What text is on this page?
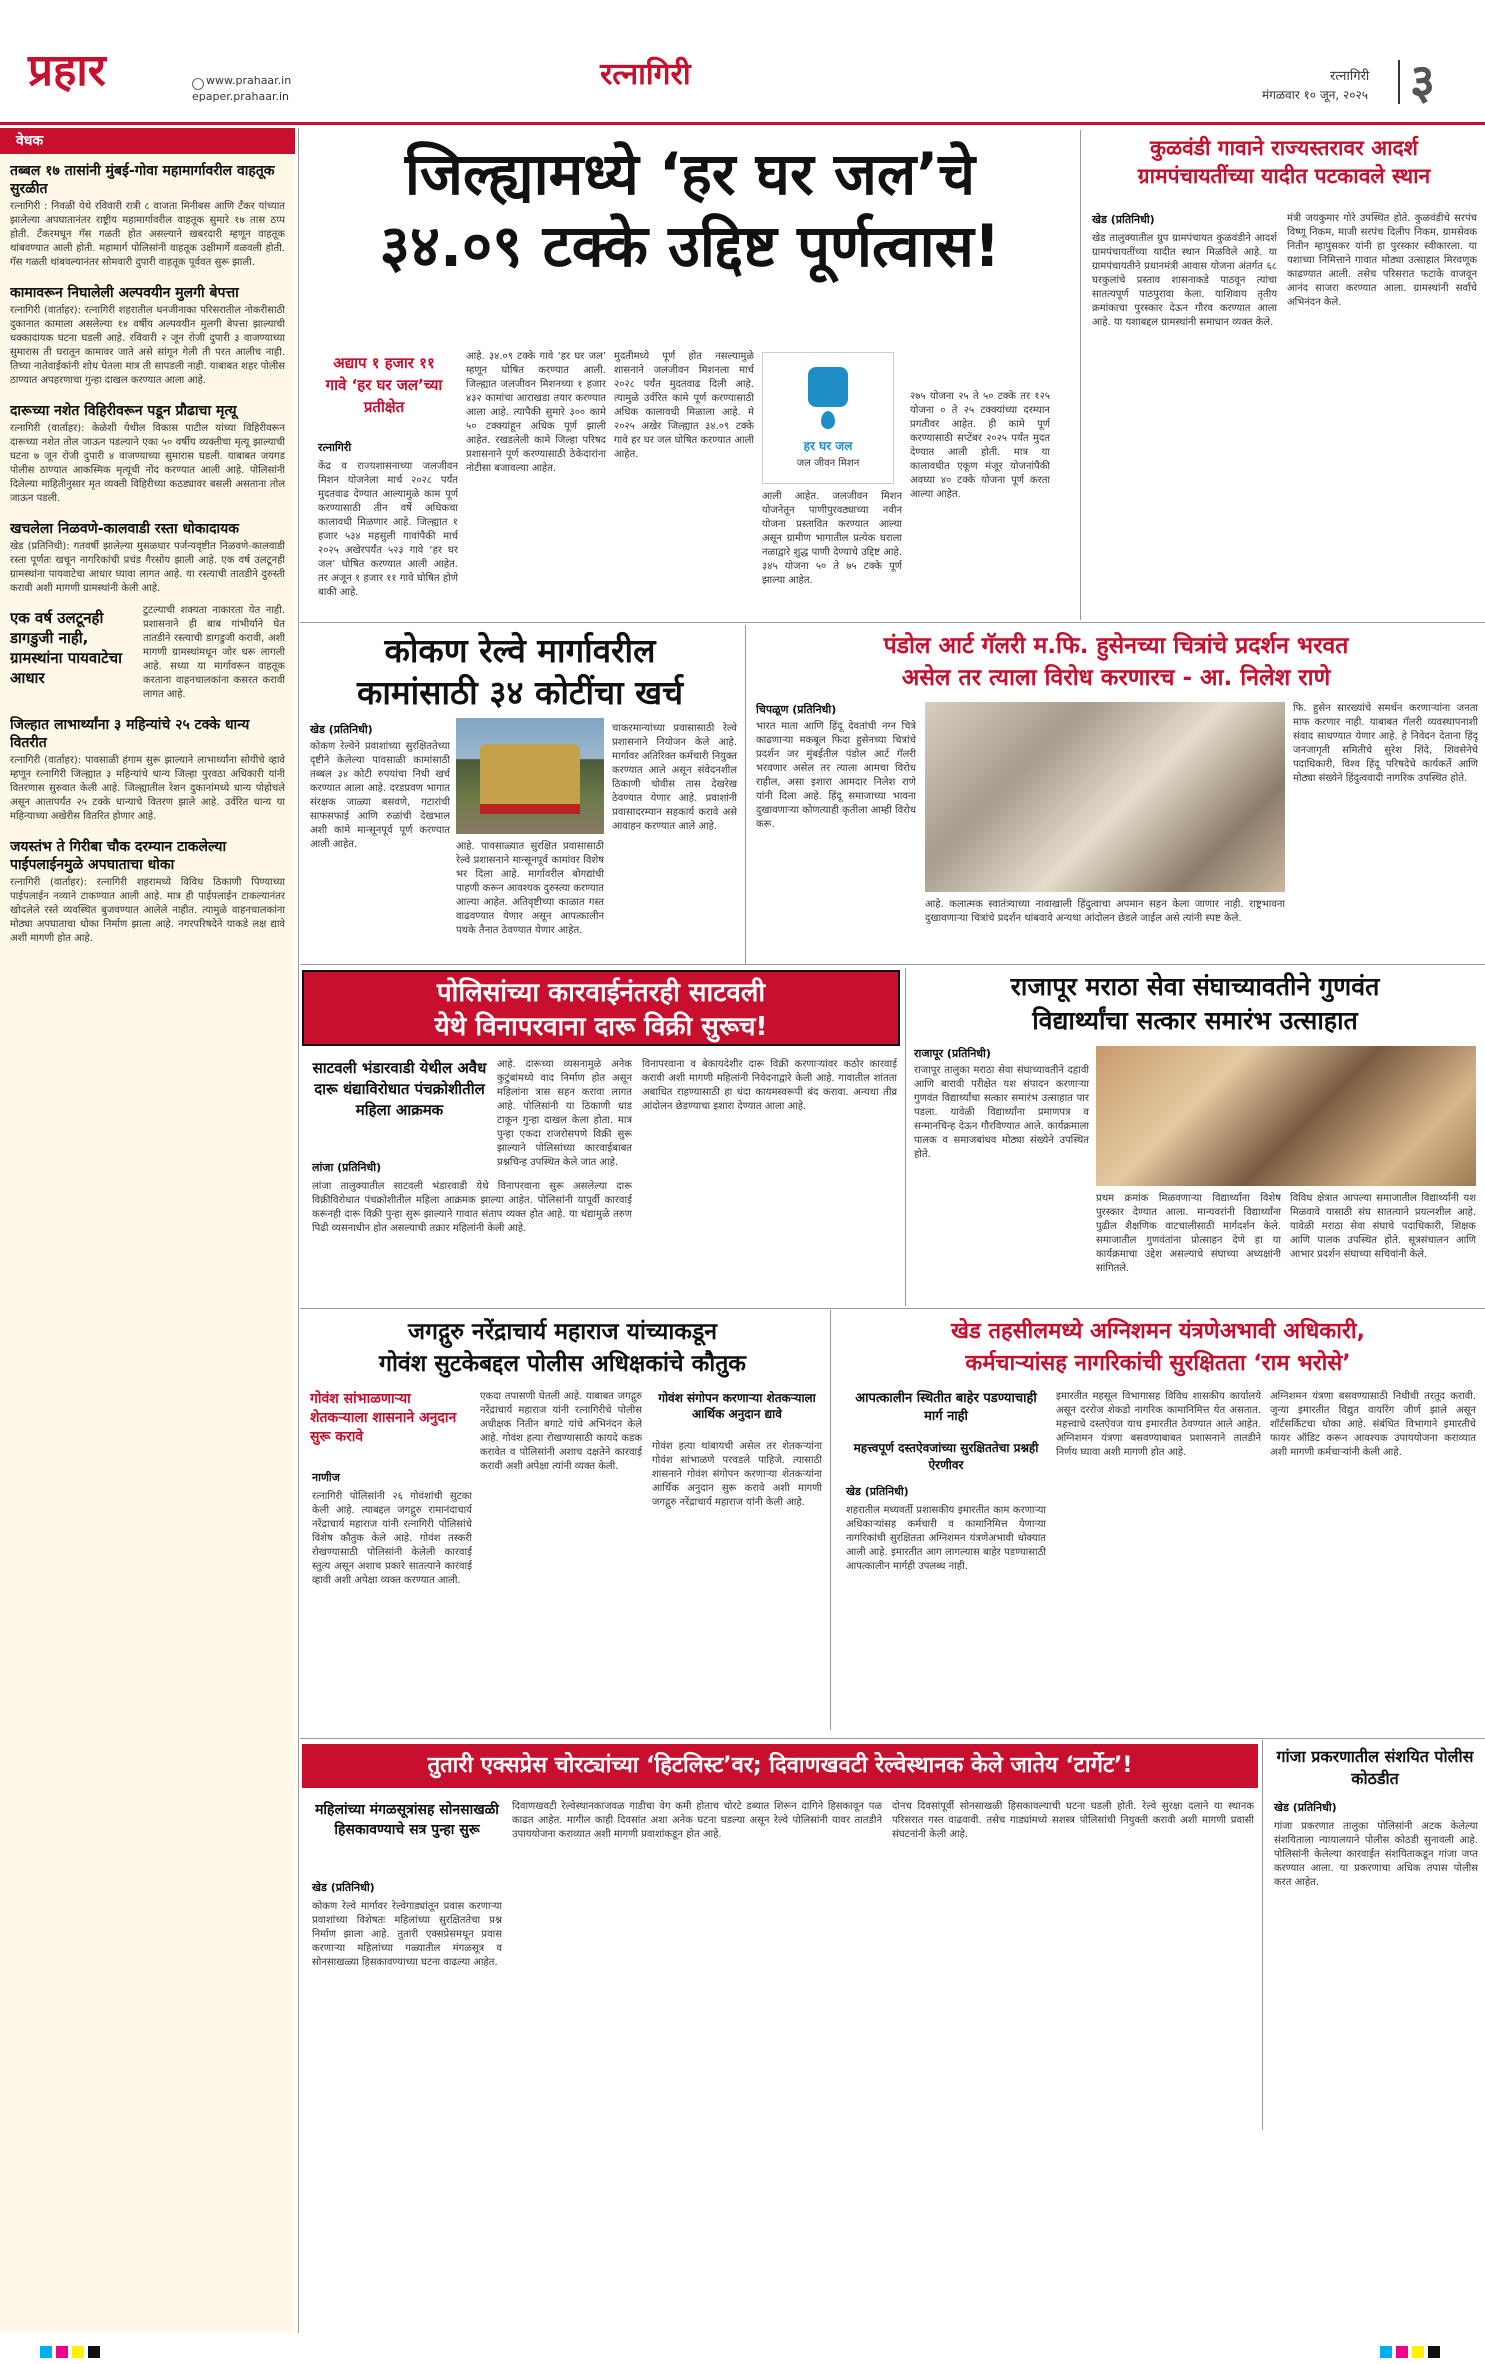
प्रहार	www.prahaar.in
epaper.prahaar.in
रत्नागिरी	रत्नागिरी
मंगळवार १० जून, २०२५ ३
वेधक
तब्बल १७ तासांनी मुंबई-गोवा महामार्गावरील वाहतूक सुरळीत
रत्नागिरी : निवळी येथे रविवारी रात्री ८ वाजता मिनीबस आणि टँकर यांच्यात झालेल्या अपघातानंतर राष्ट्रीय महामार्गावरील वाहतूक सुमारे १७ तास ठप्प होती. टँकरमधून गॅस गळती होत असल्याने खबरदारी म्हणून वाहतूक थांबवण्यात आली होती. महामार्ग पोलिसांनी वाहतूक उक्षीमार्गे वळवली होती. गॅस गळती थांबवल्यानंतर सोमवारी दुपारी वाहतूक पूर्ववत सुरू झाली.
कामावरून निघालेली अल्पवयीन मुलगी बेपत्ता
रत्नागिरी (वार्ताहर): रत्नागिरी शहरातील धनजीनाका परिसरातील नोकरीसाठी दुकानात कामाला असलेल्या १४ वर्षीय अल्पवयीन मुलगी बेपत्ता झाल्याची धक्कादायक घटना घडली आहे. रविवारी २ जून रोजी दुपारी ३ वाजण्याच्या सुमारास ती घरातून कामावर जाते असे सांगून गेली ती परत आलीच नाही. तिच्या नातेवाईकांनी शोध घेतला मात्र ती सापडली नाही. याबाबत शहर पोलीस ठाण्यात अपहरणाचा गुन्हा दाखल करण्यात आला आहे.
दारूच्या नशेत विहिरीवरून पडून प्रौढाचा मृत्यू
रत्नागिरी (वार्ताहर): केळेशी येथील विकास पाटील यांच्या विहिरीवरून दारूच्या नशेत तोल जाऊन पडल्याने एका ५० वर्षीय व्यक्तीचा मृत्यू झाल्याची घटना ७ जून रोजी दुपारी ४ वाजण्याच्या सुमारास घडली. याबाबत जयगड पोलीस ठाण्यात आकस्मिक मृत्यूची नोंद करण्यात आली आहे. पोलिसांनी दिलेल्या माहितीनुसार मृत व्यक्ती विहिरीच्या कठड्यावर बसली असताना तोल जाऊन पडली.
खचलेला निळवणे-कालवाडी रस्ता धोकादायक
खेड (प्रतिनिधी): गतवर्षी झालेल्या मुसळधार पर्जन्यवृष्टीत निळवणे-कालवाडी रस्ता पूर्णतः खचून नागरिकांची प्रचंड गैरसोय झाली आहे. एक वर्ष उलटूनही ग्रामस्थांना पायवाटेचा आधार घ्यावा लागत आहे. या रस्त्याची तातडीने दुरुस्ती करावी अशी मागणी ग्रामस्थांनी केली आहे.
एक वर्ष उलटूनही डागडुजी नाही, ग्रामस्थांना पायवाटेचा आधार
टुटल्याची शक्यता नाकारता येत नाही. प्रशासनाने ही बाब गांभीर्याने घेत तातडीने रस्त्याची डागडुजी करावी, अशी मागणी ग्रामस्थांमधून जोर धरू लागली आहे. सध्या या मार्गावरून वाहतूक करताना वाहनचालकांना कसरत करावी लागत आहे.
जिल्हात लाभार्थ्यांना ३ महिन्यांचे २५ टक्के धान्य वितरीत
रत्नागिरी (वार्ताहर): पावसाळी हंगाम सुरू झाल्याने लाभार्थ्यांना सोयीचे व्हावे म्हणून रत्नागिरी जिल्ह्यात ३ महिन्यांचे धान्य जिल्हा पुरवठा अधिकारी यांनी वितरणास सुरुवात केली आहे. जिल्ह्यातील रेशन दुकानांमध्ये धान्य पोहोचले असून आतापर्यंत २५ टक्के धान्याचे वितरण झाले आहे. उर्वरित धान्य या महिन्याच्या अखेरीस वितरित होणार आहे.
जयस्तंभ ते गिरीबा चौक दरम्यान टाकलेल्या पाईपलाईनमुळे अपघाताचा धोका
रत्नागिरी (वार्ताहर): रत्नागिरी शहरामध्ये विविध ठिकाणी पिण्याच्या पाईपलाईन नव्याने टाकण्यात आली आहे. मात्र ही पाईपलाईन टाकल्यानंतर खोदलेले रस्ते व्यवस्थित बुजवण्यात आलेले नाहीत. त्यामुळे वाहनचालकांना मोठ्या अपघाताचा धोका निर्माण झाला आहे. नगरपरिषदेने याकडे लक्ष द्यावे अशी मागणी होत आहे.
जिल्ह्यामध्ये ‘हर घर जल’चे
३४.०९ टक्के उद्दिष्ट पूर्णत्वास!
अद्याप १ हजार ११ गावे ‘हर घर जल’च्या प्रतीक्षेत
रत्नागिरी
केंद्र व राज्यशासनाच्या जलजीवन मिशन योजनेला मार्च २०२८ पर्यंत मुदतवाढ देण्यात आल्यामुळे काम पूर्ण करण्यासाठी तीन वर्षे अधिकचा कालावधी मिळणार आहे. जिल्ह्यात १ हजार ५३४ महसुली गावांपैकी मार्च २०२५ अखेरपर्यंत ५२३ गावे ‘हर घर जल’ घोषित करण्यात आली आहेत. तर अजून १ हजार ११ गावे घोषित होणे बाकी आहे.
आहे. ३४.०९ टक्के गावे ‘हर घर जल’ म्हणून घोषित करण्यात आली. जिल्ह्यात जलजीवन मिशनच्या १ हजार ४३२ कामांचा आराखडा तयार करण्यात आला आहे. त्यापैकी सुमारे ३०० कामे ५० टक्क्यांहून अधिक पूर्ण झाली आहेत. रखडलेली कामे जिल्हा परिषद प्रशासनाने पूर्ण करण्यासाठी ठेकेदारांना नोटीसा बजावल्या आहेत.
मुदतीमध्ये पूर्ण होत नसल्यामुळे शासनाने जलजीवन मिशनला मार्च २०२८ पर्यंत मुदतवाढ दिली आहे. त्यामुळे उर्वरित कामे पूर्ण करण्यासाठी अधिक कालावधी मिळाला आहे. मे २०२५ अखेर जिल्ह्यात ३४.०९ टक्के गावे हर घर जल घोषित करण्यात आली आहेत.
हर घर जल
जल जीवन मिशन
आली आहेत. जलजीवन मिशन योजनेतून पाणीपुरवठ्याच्या नवीन योजना प्रस्तावित करण्यात आल्या असून ग्रामीण भागातील प्रत्येक घराला नळाद्वारे शुद्ध पाणी देण्याचे उद्दिष्ट आहे. ३४५ योजना ५० ते ७५ टक्के पूर्ण झाल्या आहेत.
२७५ योजना २५ ते ५० टक्के तर १२५ योजना ० ते २५ टक्क्यांच्या दरम्यान प्रगतीवर आहेत. ही कामे पूर्ण करण्यासाठी सप्टेंबर २०२५ पर्यंत मुदत देण्यात आली होती. मात्र या कालावधीत एकूण मंजूर योजनांपैकी अवघ्या ४० टक्के योजना पूर्ण करता आल्या आहेत.
कुळवंडी गावाने राज्यस्तरावर आदर्श
ग्रामपंचायतींच्या यादीत पटकावले स्थान
खेड (प्रतिनिधी)
खेड तालुक्यातील ग्रुप ग्रामपंचायत कुळवंडीने आदर्श ग्रामपंचायतींच्या यादीत स्थान मिळविले आहे. या ग्रामपंचायतीने प्रधानमंत्री आवास योजना अंतर्गत ६८ घरकुलांचे प्रस्ताव शासनाकडे पाठवून त्यांचा सातत्यपूर्ण पाठपुरावा केला. याशिवाय तृतीय क्रमांकाचा पुरस्कार देऊन गौरव करण्यात आला आहे. या यशाबद्दल ग्रामस्थांनी समाधान व्यक्त केले.
मंत्री जयकुमार गोरे उपस्थित होते. कुळवंडीचे सरपंच विष्णू निकम, माजी सरपंच दिलीप निकम, ग्रामसेवक नितीन म्हापुसकर यांनी हा पुरस्कार स्वीकारला. या यशाच्या निमित्ताने गावात मोठ्या उत्साहात मिरवणूक काढण्यात आली. तसेच परिसरात फटाके वाजवून आनंद साजरा करण्यात आला. ग्रामस्थांनी सर्वांचे अभिनंदन केले.
कोकण रेल्वे मार्गावरील
कामांसाठी ३४ कोटींचा खर्च
खेड (प्रतिनिधी)
कोकण रेल्वेने प्रवाशांच्या सुरक्षिततेच्या दृष्टीने केलेल्या पावसाळी कामांसाठी तब्बल ३४ कोटी रुपयांचा निधी खर्च करण्यात आला आहे. दरडप्रवण भागात संरक्षक जाळ्या बसवणे, गटारांची साफसफाई आणि रुळांची देखभाल अशी कामे मान्सूनपूर्व पूर्ण करण्यात आली आहेत.	आहे. पावसाळ्यात सुरक्षित प्रवासासाठी रेल्वे प्रशासनाने मान्सूनपूर्व कामांवर विशेष भर दिला आहे. मार्गावरील बोगद्यांची पाहणी करून आवश्यक दुरुस्त्या करण्यात आल्या आहेत. अतिवृष्टीच्या काळात गस्त वाढवण्यात येणार असून आपत्कालीन पथके तैनात ठेवण्यात येणार आहेत.
चाकरमान्यांच्या प्रवासासाठी रेल्वे प्रशासनाने नियोजन केले आहे. मार्गावर अतिरिक्त कर्मचारी नियुक्त करण्यात आले असून संवेदनशील ठिकाणी चोवीस तास देखरेख ठेवण्यात येणार आहे. प्रवाशांनी प्रवासादरम्यान सहकार्य करावे असे आवाहन करण्यात आले आहे.
पंडोल आर्ट गॅलरी म.फि. हुसेनच्या चित्रांचे प्रदर्शन भरवत
असेल तर त्याला विरोध करणारच - आ. निलेश राणे
चिपळूण (प्रतिनिधी)
भारत माता आणि हिंदू देवतांची नग्न चित्रे काढणाऱ्या मकबूल फिदा हुसेनच्या चित्रांचे प्रदर्शन जर मुंबईतील पंडोल आर्ट गॅलरी भरवणार असेल तर त्याला आमचा विरोध राहील, असा इशारा आमदार निलेश राणे यांनी दिला आहे. हिंदू समाजाच्या भावना दुखावणाऱ्या कोणत्याही कृतीला आम्ही विरोध करू.
आहे. कलात्मक स्वातंत्र्याच्या नावाखाली हिंदुत्वाचा अपमान सहन केला जाणार नाही. राष्ट्रभावना दुखावणाऱ्या चित्रांचे प्रदर्शन थांबवावे अन्यथा आंदोलन छेडले जाईल असे त्यांनी स्पष्ट केले.
फि. हुसेन सारख्यांचे समर्थन करणाऱ्यांना जनता माफ करणार नाही. याबाबत गॅलरी व्यवस्थापनाशी संवाद साधण्यात येणार आहे. हे निवेदन देताना हिंदू जनजागृती समितीचे सुरेश शिंदे, शिवसेनेचे पदाधिकारी, विश्व हिंदू परिषदेचे कार्यकर्ते आणि मोठ्या संख्येने हिंदुत्ववादी नागरिक उपस्थित होते.
पोलिसांच्या कारवाईनंतरही साटवली
येथे विनापरवाना दारू विक्री सुरूच!
साटवली भंडारवाडी येथील अवैध दारू धंद्याविरोधात पंचक्रोशीतील महिला आक्रमक
लांजा (प्रतिनिधी)
लांजा तालुक्यातील साटवली भंडारवाडी येथे विनापरवाना सुरू असलेल्या दारू विक्रीविरोधात पंचक्रोशीतील महिला आक्रमक झाल्या आहेत. पोलिसांनी यापूर्वी कारवाई करूनही दारू विक्री पुन्हा सुरू झाल्याने गावात संताप व्यक्त होत आहे. या धंद्यामुळे तरुण पिढी व्यसनाधीन होत असल्याची तक्रार महिलांनी केली आहे.
आहे. दारूच्या व्यसनामुळे अनेक कुटुंबांमध्ये वाद निर्माण होत असून महिलांना त्रास सहन करावा लागत आहे. पोलिसांनी या ठिकाणी धाड टाकून गुन्हा दाखल केला होता. मात्र पुन्हा एकदा राजरोसपणे विक्री सुरू झाल्याने पोलिसांच्या कारवाईबाबत प्रश्नचिन्ह उपस्थित केले जात आहे.
विनापरवाना व बेकायदेशीर दारू विक्री करणाऱ्यांवर कठोर कारवाई करावी अशी मागणी महिलांनी निवेदनाद्वारे केली आहे. गावातील शांतता अबाधित राहण्यासाठी हा धंदा कायमस्वरूपी बंद करावा. अन्यथा तीव्र आंदोलन छेडण्याचा इशारा देण्यात आला आहे.
राजापूर मराठा सेवा संघाच्यावतीने गुणवंत
विद्यार्थ्यांचा सत्कार समारंभ उत्साहात
राजापूर (प्रतिनिधी)
राजापूर तालुका मराठा सेवा संघाच्यावतीने दहावी आणि बारावी परीक्षेत यश संपादन करणाऱ्या गुणवंत विद्यार्थ्यांचा सत्कार समारंभ उत्साहात पार पडला. यावेळी विद्यार्थ्यांना प्रमाणपत्र व सन्मानचिन्ह देऊन गौरविण्यात आले. कार्यक्रमाला पालक व समाजबांधव मोठ्या संख्येने उपस्थित होते.
प्रथम क्रमांक मिळवणाऱ्या विद्यार्थ्यांना विशेष पुरस्कार देण्यात आला. मान्यवरांनी विद्यार्थ्यांना पुढील शैक्षणिक वाटचालीसाठी मार्गदर्शन केले. समाजातील गुणवंतांना प्रोत्साहन देणे हा या कार्यक्रमाचा उद्देश असल्याचे संघाच्या अध्यक्षांनी सांगितले.
विविध क्षेत्रात आपल्या समाजातील विद्यार्थ्यांनी यश मिळवावे यासाठी संघ सातत्याने प्रयत्नशील आहे. यावेळी मराठा सेवा संघाचे पदाधिकारी, शिक्षक आणि पालक उपस्थित होते. सूत्रसंचालन आणि आभार प्रदर्शन संघाच्या सचिवांनी केले.
जगद्गुरु नरेंद्राचार्य महाराज यांच्याकडून
गोवंश सुटकेबद्दल पोलीस अधिक्षकांचे कौतुक
गोवंश सांभाळणाऱ्या शेतकऱ्याला शासनाने अनुदान सुरू करावे
गोवंश संगोपन करणाऱ्या शेतकऱ्याला आर्थिक अनुदान द्यावे
नाणीज
रत्नागिरी पोलिसांनी २६ गोवंशांची सुटका केली आहे. त्याबद्दल जगद्गुरु रामानंदाचार्य नरेंद्राचार्य महाराज यांनी रत्नागिरी पोलिसांचे विशेष कौतुक केले आहे. गोवंश तस्करी रोखण्यासाठी पोलिसांनी केलेली कारवाई स्तुत्य असून अशाच प्रकारे सातत्याने कारवाई व्हावी अशी अपेक्षा व्यक्त करण्यात आली.
एकदा तपासणी घेतली आहे. याबाबत जगद्गुरु नरेंद्राचार्य महाराज यांनी रत्नागिरीचे पोलीस अधीक्षक नितीन बगाटे यांचे अभिनंदन केले आहे. गोवंश हत्या रोखण्यासाठी कायदे कडक करावेत व पोलिसांनी अशाच दक्षतेने कारवाई करावी अशी अपेक्षा त्यांनी व्यक्त केली.
गोवंश हत्या थांबायची असेल तर शेतकऱ्यांना गोवंश सांभाळणे परवडले पाहिजे. त्यासाठी शासनाने गोवंश संगोपन करणाऱ्या शेतकऱ्यांना आर्थिक अनुदान सुरू करावे अशी मागणी जगद्गुरु नरेंद्राचार्य महाराज यांनी केली आहे.
खेड तहसीलमध्ये अग्निशमन यंत्रणेअभावी अधिकारी,
कर्मचाऱ्यांसह नागरिकांची सुरक्षितता ‘राम भरोसे’
आपत्कालीन स्थितीत बाहेर पडण्याचाही मार्ग नाही
महत्त्वपूर्ण दस्तऐवजांच्या सुरक्षिततेचा प्रश्नही ऐरणीवर
खेड (प्रतिनिधी)
शहरातील मध्यवर्ती प्रशासकीय इमारतीत काम करणाऱ्या अधिकाऱ्यांसह कर्मचारी व कामानिमित्त येणाऱ्या नागरिकांची सुरक्षितता अग्निशमन यंत्रणेअभावी धोक्यात आली आहे. इमारतीत आग लागल्यास बाहेर पडण्यासाठी आपत्कालीन मार्गही उपलब्ध नाही.
इमारतीत महसूल विभागासह विविध शासकीय कार्यालये असून दररोज शेकडो नागरिक कामानिमित्त येत असतात. महत्त्वाचे दस्तऐवज याच इमारतीत ठेवण्यात आले आहेत. अग्निशमन यंत्रणा बसवण्याबाबत प्रशासनाने तातडीने निर्णय घ्यावा अशी मागणी होत आहे.
अग्निशमन यंत्रणा बसवण्यासाठी निधीची तरतूद करावी. जुन्या इमारतीत विद्युत वायरिंग जीर्ण झाले असून शॉर्टसर्किटचा धोका आहे. संबंधित विभागाने इमारतीचे फायर ऑडिट करून आवश्यक उपाययोजना कराव्यात अशी मागणी कर्मचाऱ्यांनी केली आहे.
तुतारी एक्सप्रेस चोरट्यांच्या ‘हिटलिस्ट’वर; दिवाणखवटी रेल्वेस्थानक केले जातेय ‘टार्गेट’!
महिलांच्या मंगळसूत्रांसह सोनसाखळी हिसकावण्याचे सत्र पुन्हा सुरू
खेड (प्रतिनिधी)
कोकण रेल्वे मार्गावर रेल्वेगाड्यांतून प्रवास करणाऱ्या प्रवाशांच्या विशेषतः महिलांच्या सुरक्षिततेचा प्रश्न निर्माण झाला आहे. तुतारी एक्सप्रेसमधून प्रवास करणाऱ्या महिलांच्या गळ्यातील मंगळसूत्र व सोनसाखळ्या हिसकावण्याच्या घटना वाढल्या आहेत.
दिवाणखवटी रेल्वेस्थानकाजवळ गाडीचा वेग कमी होताच चोरटे डब्यात शिरून दागिने हिसकावून पळ काढत आहेत. मागील काही दिवसांत अशा अनेक घटना घडल्या असून रेल्वे पोलिसांनी यावर तातडीने उपाययोजना कराव्यात अशी मागणी प्रवाशांकडून होत आहे.
दोनच दिवसांपूर्वी सोनसाखळी हिसकावल्याची घटना घडली होती. रेल्वे सुरक्षा दलाने या स्थानक परिसरात गस्त वाढवावी. तसेच गाड्यांमध्ये सशस्त्र पोलिसांची नियुक्ती करावी अशी मागणी प्रवासी संघटनांनी केली आहे.
गांजा प्रकरणातील संशयित पोलीस कोठडीत
खेड (प्रतिनिधी)
गांजा प्रकरणात तालुका पोलिसांनी अटक केलेल्या संशयिताला न्यायालयाने पोलीस कोठडी सुनावली आहे. पोलिसांनी केलेल्या कारवाईत संशयिताकडून गांजा जप्त करण्यात आला. या प्रकरणाचा अधिक तपास पोलीस करत आहेत.
